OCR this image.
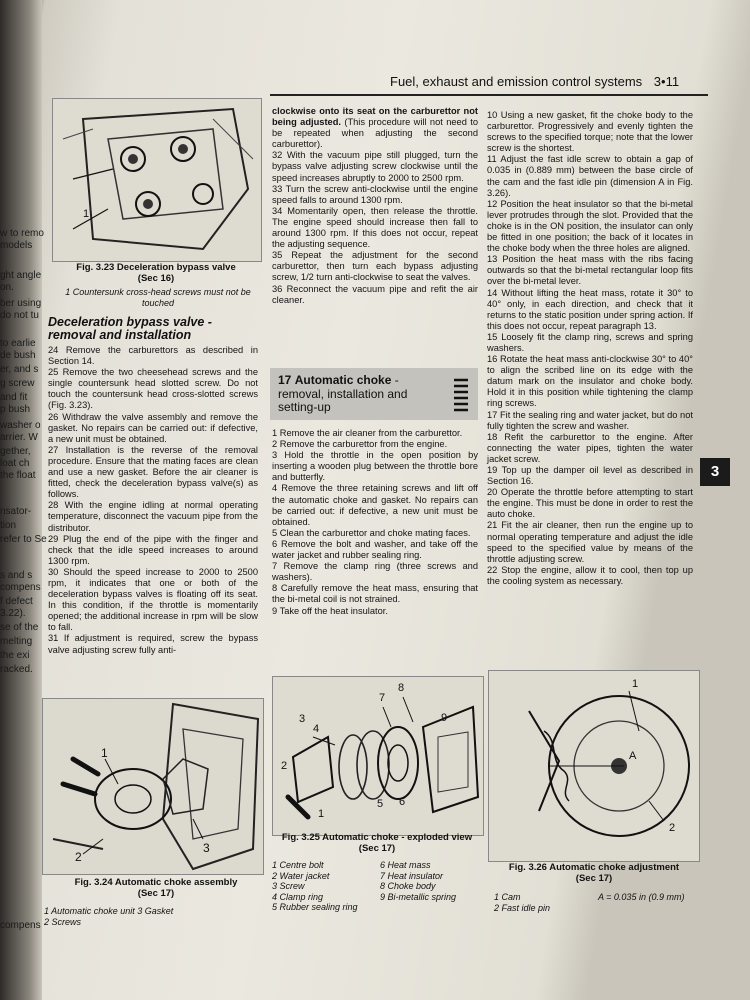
w to remo
models
ght angle
on.
ber using
do not tu
to earlie
de bush
er, and s
g screw
and fit
p bush
washer o
arrier. W
gether,
loat ch
the float
nsator-
tion
refer to Se
s and s
compens
f defect
3.22).
se of the
melting
the exi
racked.
compens
Fuel, exhaust and emission control systems 3•11
1
Fig. 3.23 Deceleration bypass valve
(Sec 16)
1 Countersunk cross-head screws must not be touched
Deceleration bypass valve - removal and installation

24 Remove the carburettors as described in Section 14.

25 Remove the two cheesehead screws and the single countersunk head slotted screw. Do not touch the countersunk head cross-slotted screws (Fig. 3.23).

26 Withdraw the valve assembly and remove the gasket. No repairs can be carried out: if defective, a new unit must be obtained.

27 Installation is the reverse of the removal procedure. Ensure that the mating faces are clean and use a new gasket. Before the air cleaner is fitted, check the deceleration bypass valve(s) as follows.

28 With the engine idling at normal operating temperature, disconnect the vacuum pipe from the distributor.

29 Plug the end of the pipe with the finger and check that the idle speed increases to around 1300 rpm.

30 Should the speed increase to 2000 to 2500 rpm, it indicates that one or both of the deceleration bypass valves is floating off its seat. In this condition, if the throttle is momentarily opened; the additional increase in rpm will be slow to fall.

31 If adjustment is required, screw the bypass valve adjusting screw fully anti-

1
2
3
Fig. 3.24 Automatic choke assembly
(Sec 17)
1 Automatic choke unit 3 Gasket
2 Screws

clockwise onto its seat on the carburettor not being adjusted. (This procedure will not need to be repeated when adjusting the second carburettor).

32 With the vacuum pipe still plugged, turn the bypass valve adjusting screw clockwise until the speed increases abruptly to 2000 to 2500 rpm.

33 Turn the screw anti-clockwise until the engine speed falls to around 1300 rpm.

34 Momentarily open, then release the throttle. The engine speed should increase then fall to around 1300 rpm. If this does not occur, repeat the adjusting sequence.

35 Repeat the adjustment for the second carburettor, then turn each bypass adjusting screw, 1/2 turn anti-clockwise to seat the valves.

36 Reconnect the vacuum pipe and refit the air cleaner.

17 Automatic choke - removal, installation and setting-up

1 Remove the air cleaner from the carburettor.

2 Remove the carburettor from the engine.

3 Hold the throttle in the open position by inserting a wooden plug between the throttle bore and butterfly.

4 Remove the three retaining screws and lift off the automatic choke and gasket. No repairs can be carried out: if defective, a new unit must be obtained.

5 Clean the carburettor and choke mating faces.

6 Remove the bolt and washer, and take off the water jacket and rubber sealing ring.

7 Remove the clamp ring (three screws and washers).

8 Carefully remove the heat mass, ensuring that the bi-metal coil is not strained.

9 Take off the heat insulator.

3
4
2
1
5 6
7
8
9
Fig. 3.25 Automatic choke - exploded view
(Sec 17)
1 Centre bolt
2 Water jacket
3 Screw
4 Clamp ring
5 Rubber sealing ring
6 Heat mass
7 Heat insulator
8 Choke body
9 Bi-metallic spring

10 Using a new gasket, fit the choke body to the carburettor. Progressively and evenly tighten the screws to the specified torque; note that the lower screw is the shortest.

11 Adjust the fast idle screw to obtain a gap of 0.035 in (0.889 mm) between the base circle of the cam and the fast idle pin (dimension A in Fig. 3.26).

12 Position the heat insulator so that the bi-metal lever protrudes through the slot. Provided that the choke is in the ON position, the insulator can only be fitted in one position; the back of it locates in the choke body when the three holes are aligned.

13 Position the heat mass with the ribs facing outwards so that the bi-metal rectangular loop fits over the bi-metal lever.

14 Without lifting the heat mass, rotate it 30° to 40° only, in each direction, and check that it returns to the static position under spring action. If this does not occur, repeat paragraph 13.

15 Loosely fit the clamp ring, screws and spring washers.

16 Rotate the heat mass anti-clockwise 30° to 40° to align the scribed line on its edge with the datum mark on the insulator and choke body. Hold it in this position while tightening the clamp ring screws.

17 Fit the sealing ring and water jacket, but do not fully tighten the screw and washer.

18 Refit the carburettor to the engine. After connecting the water pipes, tighten the water jacket screw.

19 Top up the damper oil level as described in Section 16.

20 Operate the throttle before attempting to start the engine. This must be done in order to rest the auto choke.

21 Fit the air cleaner, then run the engine up to normal operating temperature and adjust the idle speed to the specified value by means of the throttle adjusting screw.

22 Stop the engine, allow it to cool, then top up the cooling system as necessary.

3
1
2
A
Fig. 3.26 Automatic choke adjustment
(Sec 17)
1 Cam
2 Fast idle pin
A = 0.035 in (0.9 mm)
